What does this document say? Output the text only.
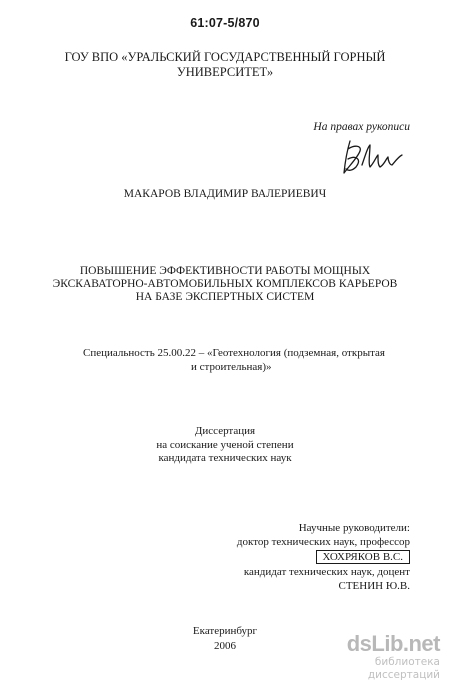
61:07-5/870
ГОУ ВПО «УРАЛЬСКИЙ ГОСУДАРСТВЕННЫЙ ГОРНЫЙ
УНИВЕРСИТЕТ»
На правах рукописи
МАКАРОВ ВЛАДИМИР ВАЛЕРИЕВИЧ
ПОВЫШЕНИЕ ЭФФЕКТИВНОСТИ РАБОТЫ МОЩНЫХ
ЭКСКАВАТОРНО-АВТОМОБИЛЬНЫХ КОМПЛЕКСОВ КАРЬЕРОВ
НА БАЗЕ ЭКСПЕРТНЫХ СИСТЕМ
Специальность 25.00.22 – «Геотехнология (подземная, открытая
и строительная)»
Диссертация
на соискание ученой степени
кандидата технических наук
Научные руководители:
доктор технических наук, профессор
ХОХРЯКОВ В.С.
кандидат технических наук, доцент
СТЕНИН Ю.В.
Екатеринбург
2006	dsLib.net
библиотека диссертаций
